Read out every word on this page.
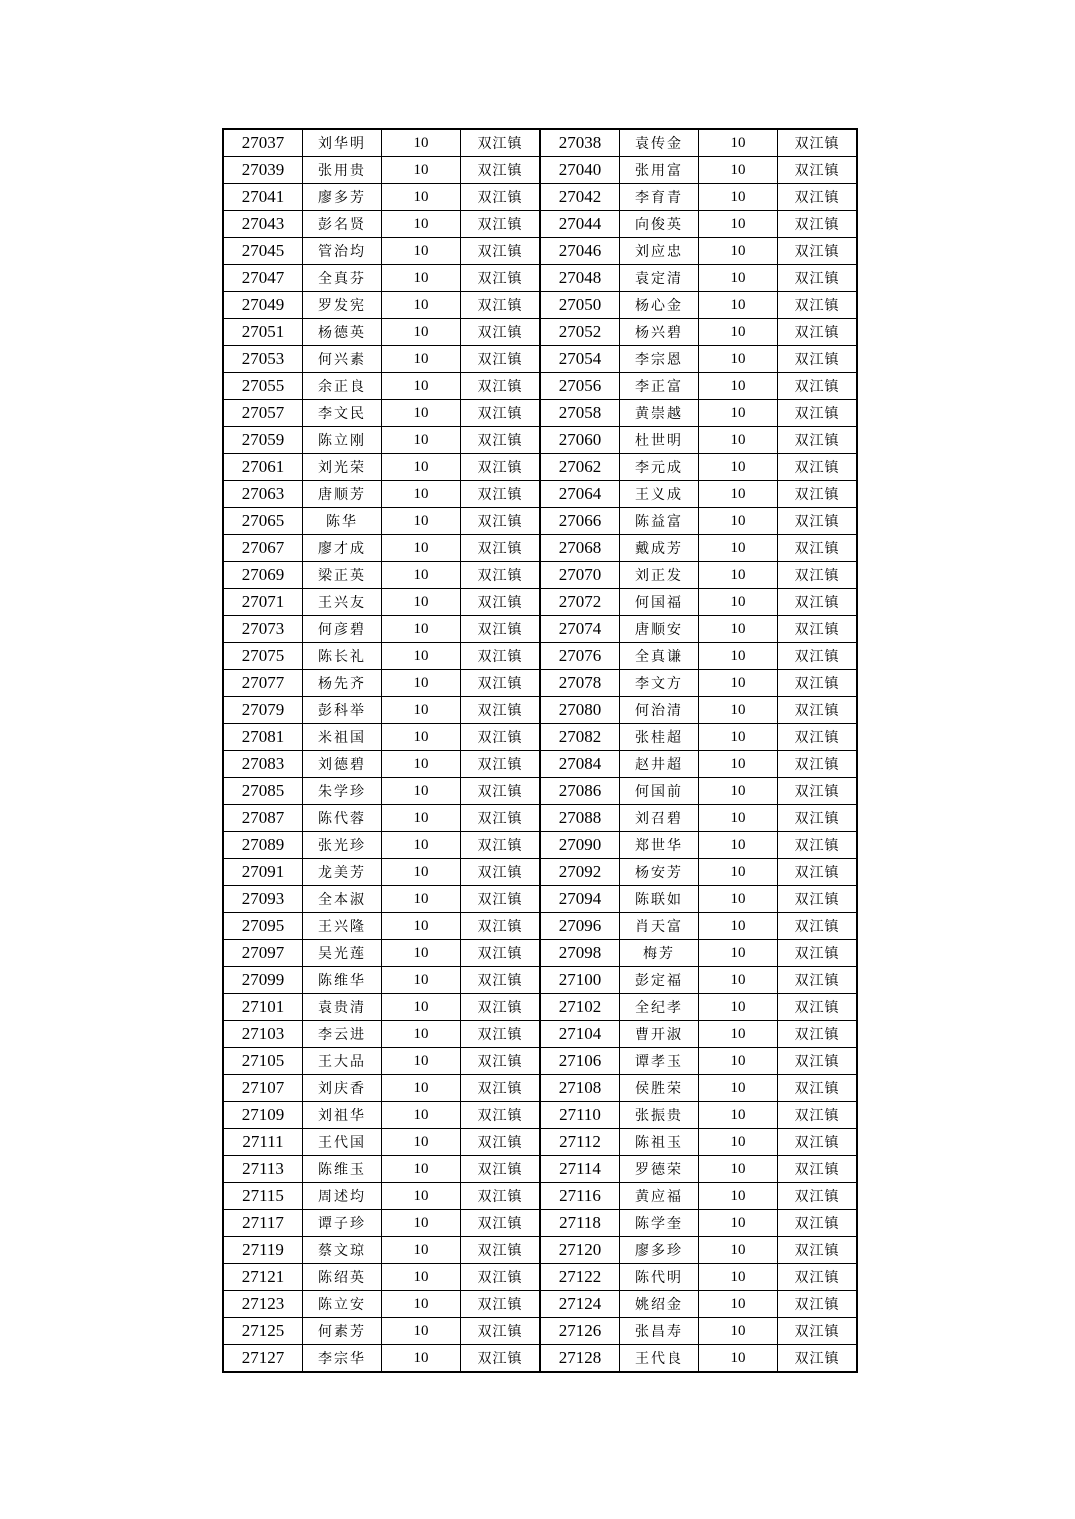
27037	刘华明	10	双江镇	27038	袁传金	10	双江镇
27039	张用贵	10	双江镇	27040	张用富	10	双江镇
27041	廖多芳	10	双江镇	27042	李育青	10	双江镇
27043	彭名贤	10	双江镇	27044	向俊英	10	双江镇
27045	管治均	10	双江镇	27046	刘应忠	10	双江镇
27047	全真芬	10	双江镇	27048	袁定清	10	双江镇
27049	罗发宪	10	双江镇	27050	杨心金	10	双江镇
27051	杨德英	10	双江镇	27052	杨兴碧	10	双江镇
27053	何兴素	10	双江镇	27054	李宗恩	10	双江镇
27055	余正良	10	双江镇	27056	李正富	10	双江镇
27057	李文民	10	双江镇	27058	黄崇越	10	双江镇
27059	陈立刚	10	双江镇	27060	杜世明	10	双江镇
27061	刘光荣	10	双江镇	27062	李元成	10	双江镇
27063	唐顺芳	10	双江镇	27064	王义成	10	双江镇
27065	陈华	10	双江镇	27066	陈益富	10	双江镇
27067	廖才成	10	双江镇	27068	戴成芳	10	双江镇
27069	梁正英	10	双江镇	27070	刘正发	10	双江镇
27071	王兴友	10	双江镇	27072	何国福	10	双江镇
27073	何彦碧	10	双江镇	27074	唐顺安	10	双江镇
27075	陈长礼	10	双江镇	27076	全真谦	10	双江镇
27077	杨先齐	10	双江镇	27078	李文方	10	双江镇
27079	彭科举	10	双江镇	27080	何治清	10	双江镇
27081	米祖国	10	双江镇	27082	张桂超	10	双江镇
27083	刘德碧	10	双江镇	27084	赵井超	10	双江镇
27085	朱学珍	10	双江镇	27086	何国前	10	双江镇
27087	陈代蓉	10	双江镇	27088	刘召碧	10	双江镇
27089	张光珍	10	双江镇	27090	郑世华	10	双江镇
27091	龙美芳	10	双江镇	27092	杨安芳	10	双江镇
27093	全本淑	10	双江镇	27094	陈联如	10	双江镇
27095	王兴隆	10	双江镇	27096	肖天富	10	双江镇
27097	吴光莲	10	双江镇	27098	梅芳	10	双江镇
27099	陈维华	10	双江镇	27100	彭定福	10	双江镇
27101	袁贵清	10	双江镇	27102	全纪孝	10	双江镇
27103	李云进	10	双江镇	27104	曹开淑	10	双江镇
27105	王大品	10	双江镇	27106	谭孝玉	10	双江镇
27107	刘庆香	10	双江镇	27108	侯胜荣	10	双江镇
27109	刘祖华	10	双江镇	27110	张振贵	10	双江镇
27111	王代国	10	双江镇	27112	陈祖玉	10	双江镇
27113	陈维玉	10	双江镇	27114	罗德荣	10	双江镇
27115	周述均	10	双江镇	27116	黄应福	10	双江镇
27117	谭子珍	10	双江镇	27118	陈学奎	10	双江镇
27119	蔡文琼	10	双江镇	27120	廖多珍	10	双江镇
27121	陈绍英	10	双江镇	27122	陈代明	10	双江镇
27123	陈立安	10	双江镇	27124	姚绍金	10	双江镇
27125	何素芳	10	双江镇	27126	张昌寿	10	双江镇
27127	李宗华	10	双江镇	27128	王代良	10	双江镇
